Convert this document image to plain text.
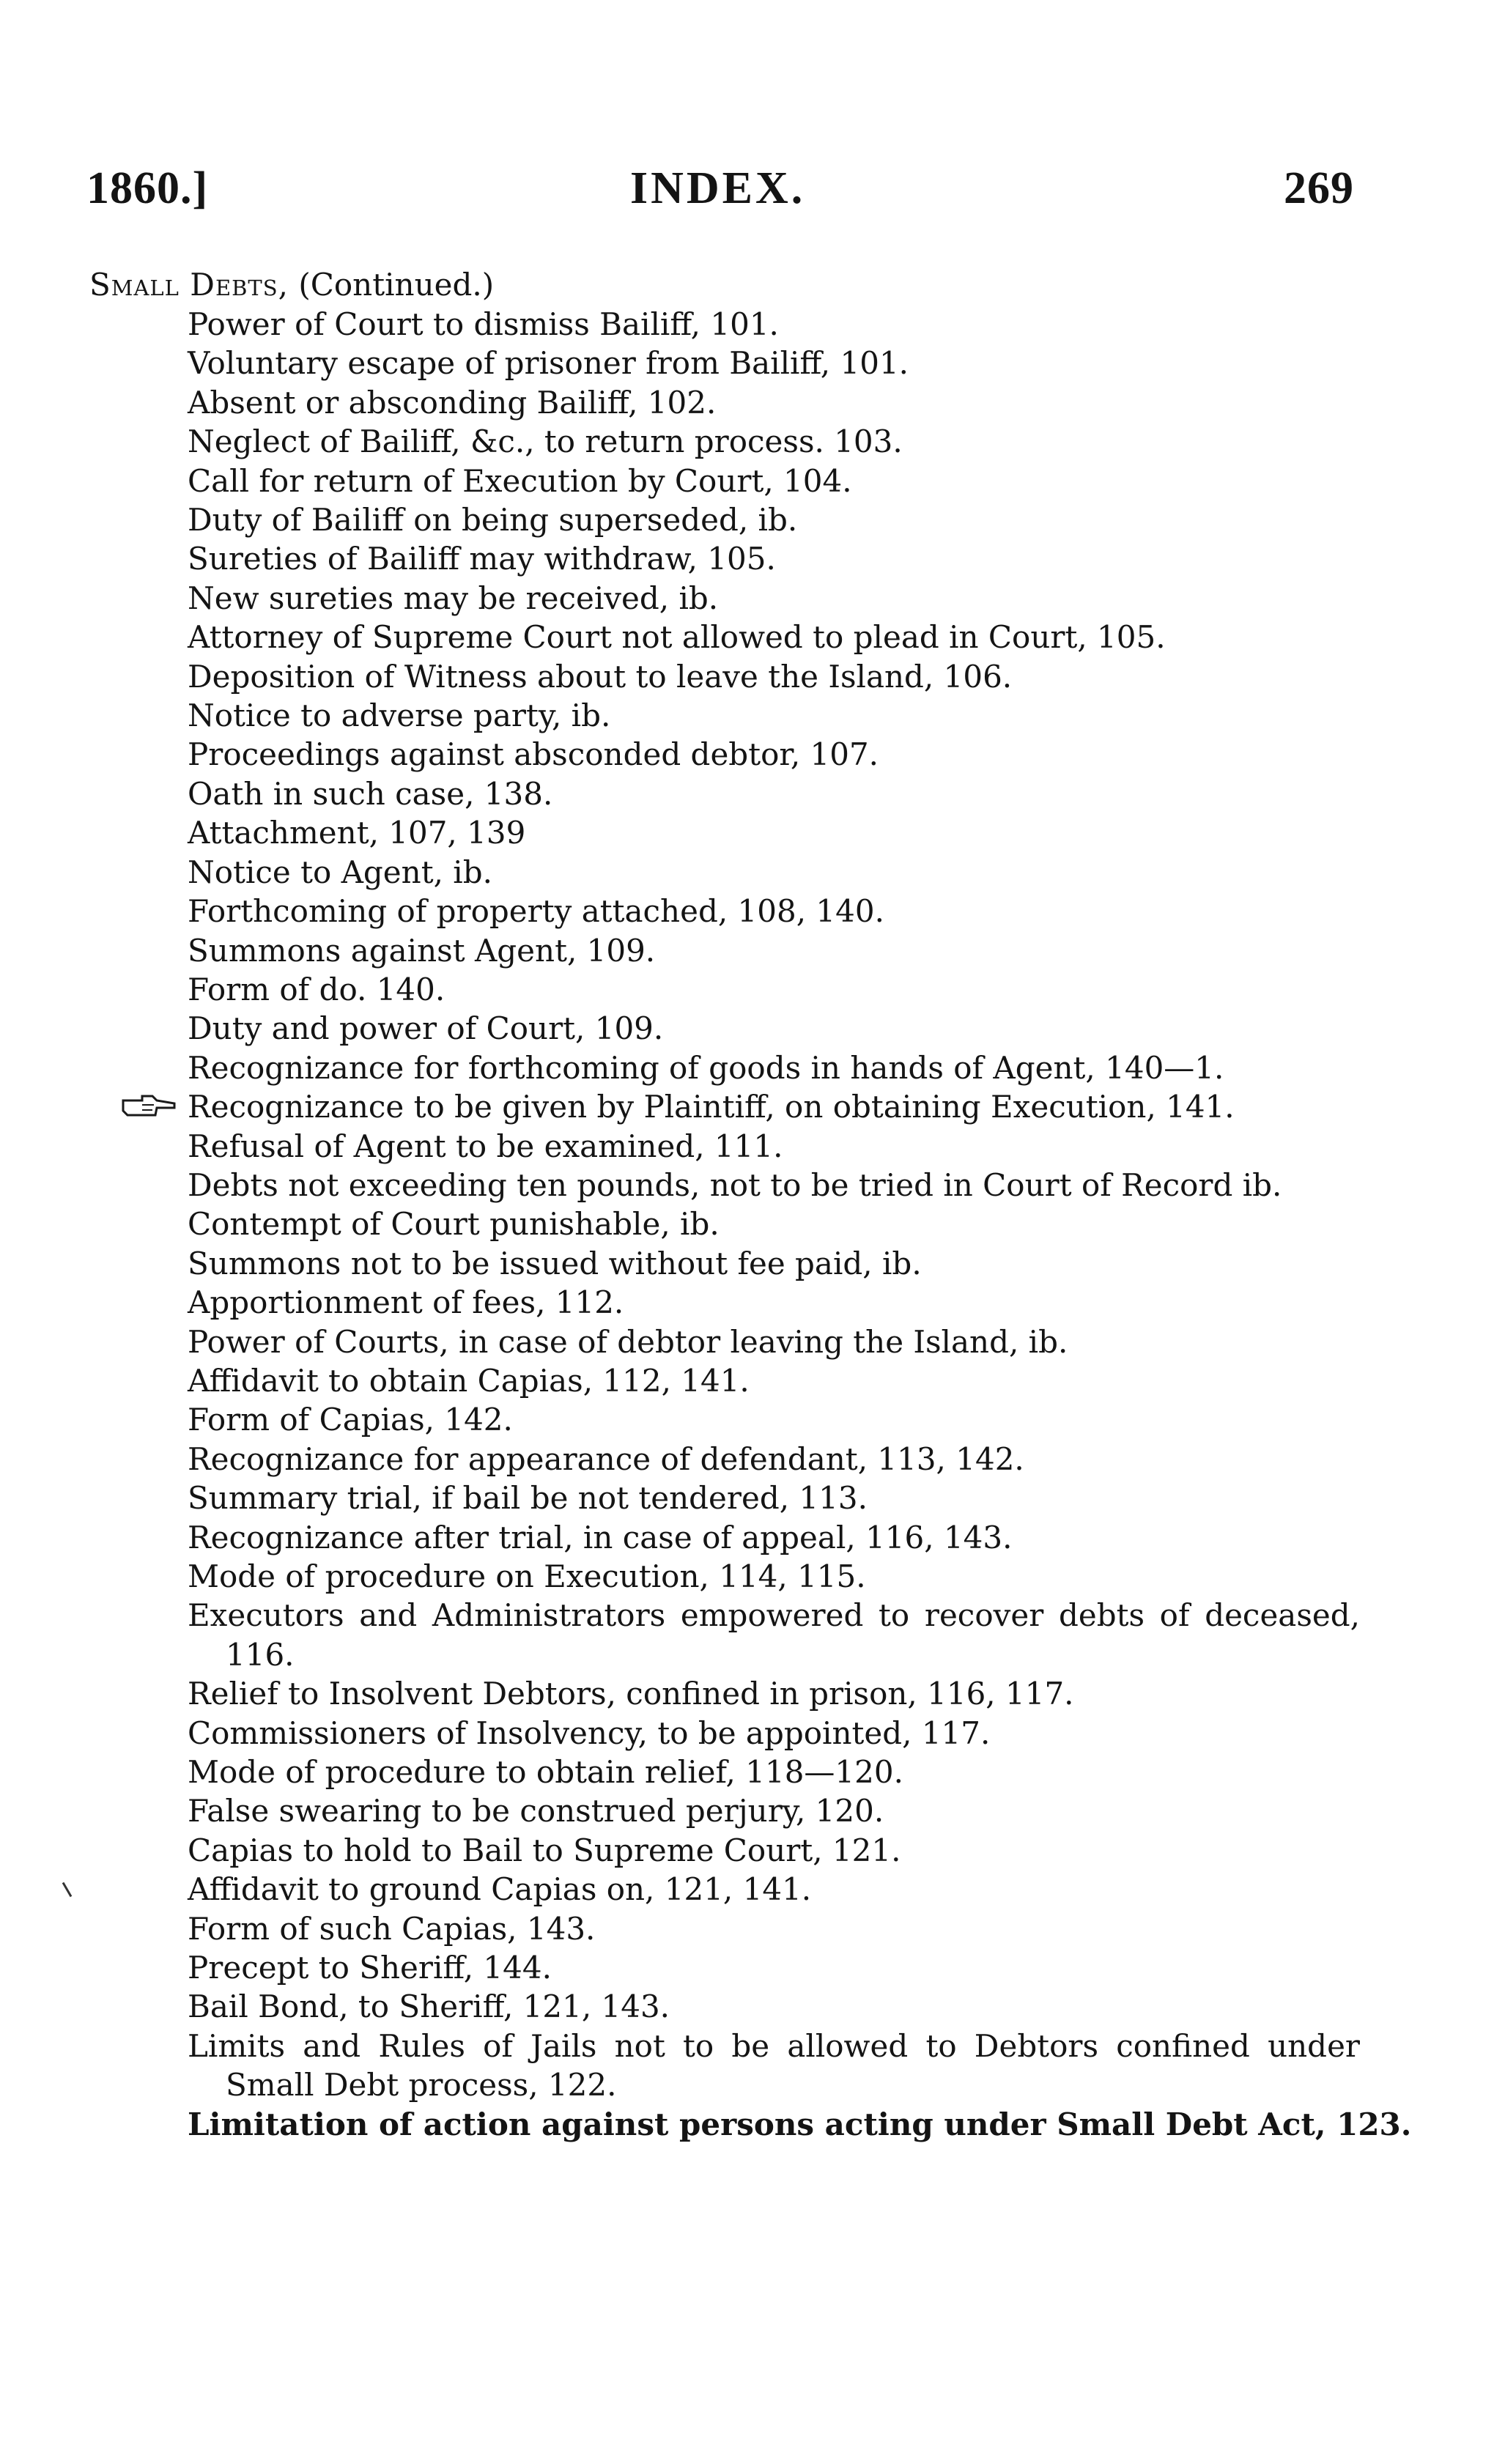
1860.]	INDEX.	269
Small Debts, (Continued.)
Power of Court to dismiss Bailiff, 101.
Voluntary escape of prisoner from Bailiff, 101.
Absent or absconding Bailiff, 102.
Neglect of Bailiff, &c., to return process. 103.
Call for return of Execution by Court, 104.
Duty of Bailiff on being superseded, ib.
Sureties of Bailiff may withdraw, 105.
New sureties may be received, ib.
Attorney of Supreme Court not allowed to plead in Court, 105.
Deposition of Witness about to leave the Island, 106.
Notice to adverse party, ib.
Proceedings against absconded debtor, 107.
Oath in such case, 138.
Attachment, 107, 139
Notice to Agent, ib.
Forthcoming of property attached, 108, 140.
Summons against Agent, 109.
Form of do. 140.
Duty and power of Court, 109.
Recognizance for forthcoming of goods in hands of Agent, 140—1.
Recognizance to be given by Plaintiff, on obtaining Execution, 141.
Refusal of Agent to be examined, 111.
Debts not exceeding ten pounds, not to be tried in Court of Record ib.
Contempt of Court punishable, ib.
Summons not to be issued without fee paid, ib.
Apportionment of fees, 112.
Power of Courts, in case of debtor leaving the Island, ib.
Affidavit to obtain Capias, 112, 141.
Form of Capias, 142.
Recognizance for appearance of defendant, 113, 142.
Summary trial, if bail be not tendered, 113.
Recognizance after trial, in case of appeal, 116, 143.
Mode of procedure on Execution, 114, 115.
Executors and Administrators empowered to recover debts of deceased, 116.
Relief to Insolvent Debtors, confined in prison, 116, 117.
Commissioners of Insolvency, to be appointed, 117.
Mode of procedure to obtain relief, 118—120.
False swearing to be construed perjury, 120.
Capias to hold to Bail to Supreme Court, 121.
Affidavit to ground Capias on, 121, 141.
Form of such Capias, 143.
Precept to Sheriff, 144.
Bail Bond, to Sheriff, 121, 143.
Limits and Rules of Jails not to be allowed to Debtors confined under Small Debt process, 122.
Limitation of action against persons acting under Small Debt Act, 123.
